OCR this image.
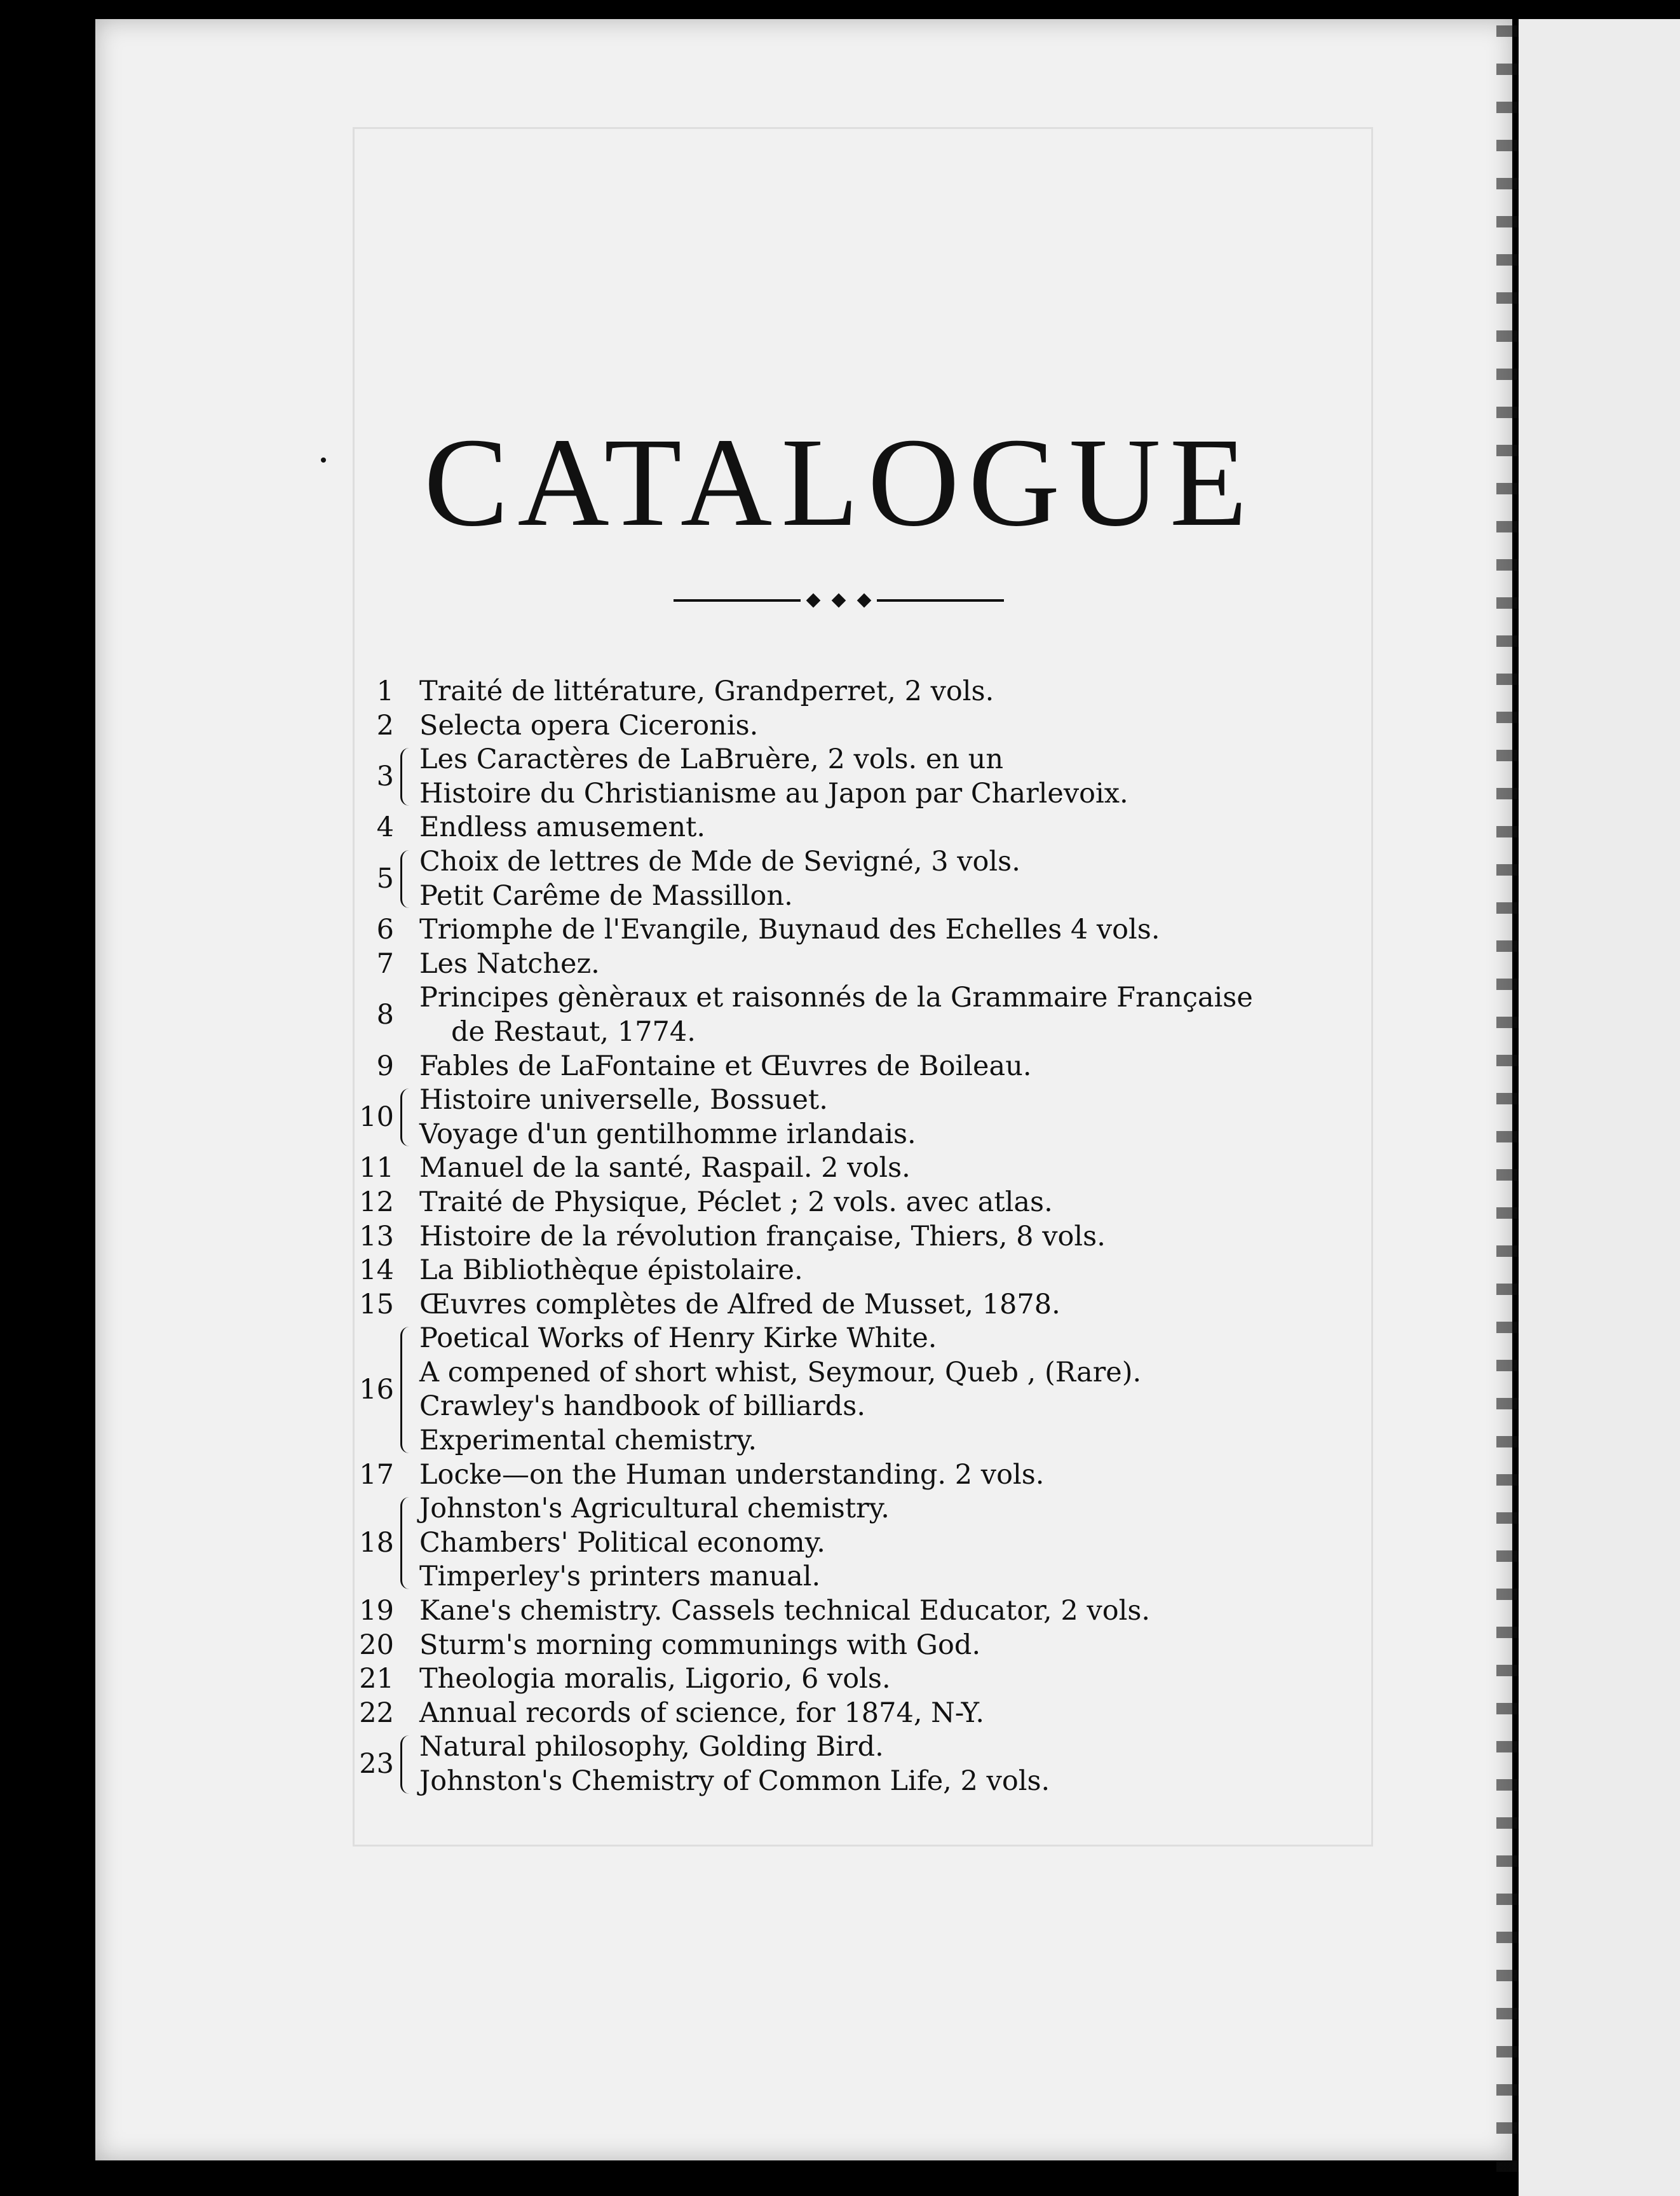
CATALOGUE
1 Traité de littérature, Grandperret, 2 vols.
2 Selecta opera Ciceronis.
3
Les Caractères de LaBruère, 2 vols. en un
Histoire du Christianisme au Japon par Charlevoix.
4 Endless amusement.
5
Choix de lettres de Mde de Sevigné, 3 vols.
Petit Carême de Massillon.
6 Triomphe de l'Evangile, Buynaud des Echelles 4 vols.
7 Les Natchez.
8
Principes gènèraux et raisonnés de la Grammaire Française
de Restaut, 1774.
9 Fables de LaFontaine et Œuvres de Boileau.
10
Histoire universelle, Bossuet.
Voyage d'un gentilhomme irlandais.
11 Manuel de la santé, Raspail. 2 vols.
12 Traité de Physique, Péclet ; 2 vols. avec atlas.
13 Histoire de la révolution française, Thiers, 8 vols.
14 La Bibliothèque épistolaire.
15 Œuvres complètes de Alfred de Musset, 1878.
16
Poetical Works of Henry Kirke White.
A compened of short whist, Seymour, Queb , (Rare).
Crawley's handbook of billiards.
Experimental chemistry.
17 Locke—on the Human understanding. 2 vols.
18
Johnston's Agricultural chemistry.
Chambers' Political economy.
Timperley's printers manual.
19 Kane's chemistry. Cassels technical Educator, 2 vols.
20 Sturm's morning communings with God.
21 Theologia moralis, Ligorio, 6 vols.
22 Annual records of science, for 1874, N-Y.
23
Natural philosophy, Golding Bird.
Johnston's Chemistry of Common Life, 2 vols.
